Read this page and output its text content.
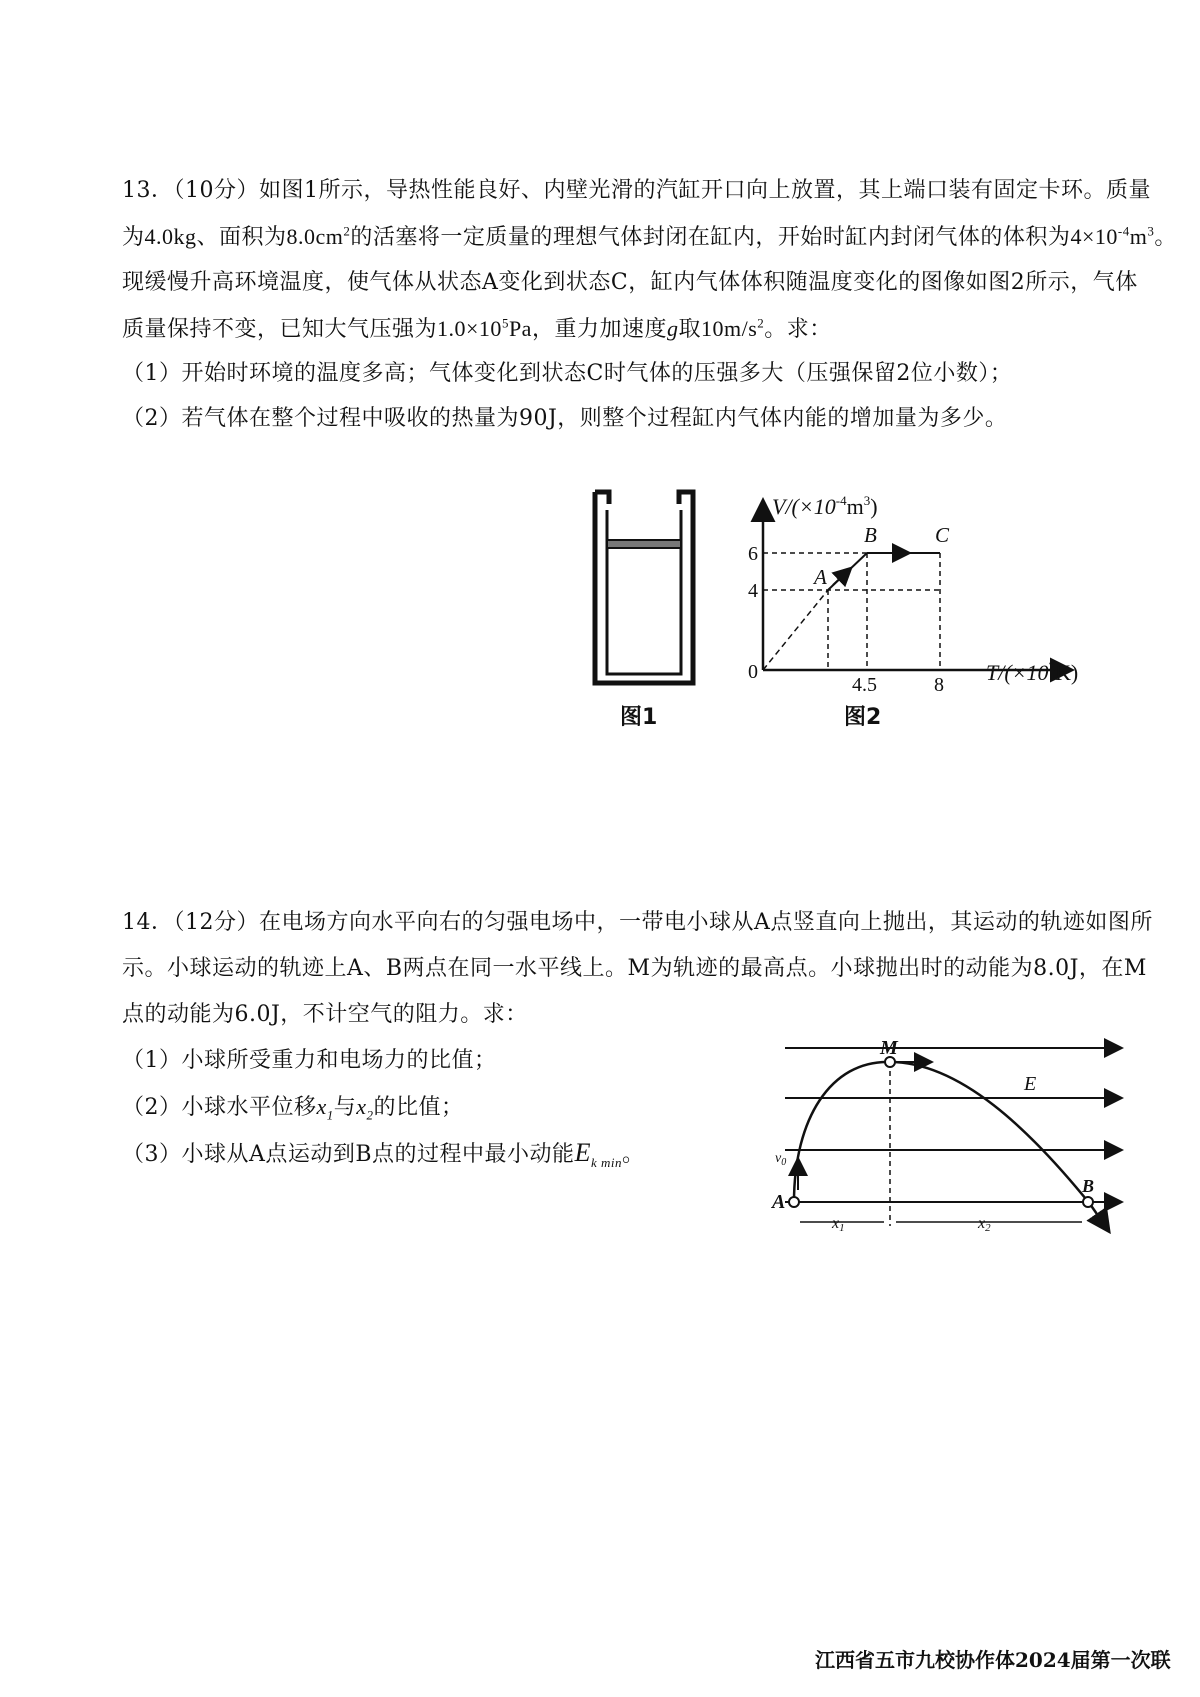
13．（10分）如图1所示，导热性能良好、内壁光滑的汽缸开口向上放置，其上端口装有固定卡环。质量
为4.0kg、面积为$8.0cm^2$的活塞将一定质量的理想气体封闭在缸内，开始时缸内封闭气体的体积为$4\times 10^{-4}m^3$。
现缓慢升高环境温度，使气体从状态A变化到状态C，缸内气体体积随温度变化的图像如图2所示，气体
质量保持不变，已知大气压强为$1.0\times 10^5Pa$，重力加速度g取$10m/s^2$。求：
（1）开始时环境的温度多高；气体变化到状态C时气体的压强多大（压强保留2位小数）；
（2）若气体在整个过程中吸收的热量为90J，则整个过程缸内气体内能的增加量为多少。
图1
$V/(\times 10^{-4}m^3)$
0
6
4
4.5	8 $T/(\times 10^2K)$
A
B	C
图2
14．（12分）在电场方向水平向右的匀强电场中，一带电小球从A点竖直向上抛出，其运动的轨迹如图所
示。小球运动的轨迹上A、B两点在同一水平线上。M为轨迹的最高点。小球抛出时的动能为8.0J，在M
点的动能为6.0J，不计空气的阻力。求：
（1）小球所受重力和电场力的比值；
（2）小球水平位移$x_1$与$x_2$的比值；
（3）小球从A点运动到B点的过程中最小动能$E_{k min}$。
M
E
$v_0$
A
B
x1	x2
江西省五市九校协作体2024届第一次联
